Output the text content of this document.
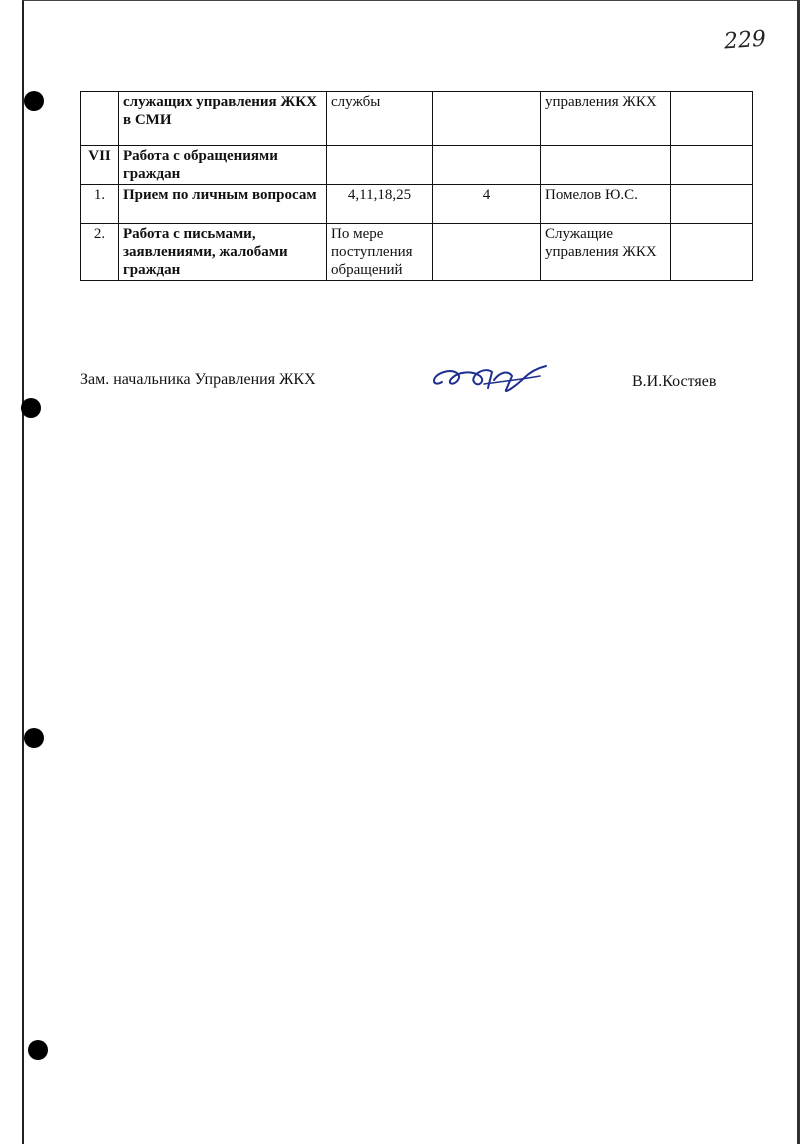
229
	служащих управления ЖКХ в СМИ	службы		управления ЖКХ	
VII	Работа с обращениями граждан				
1.	Прием по личным вопросам	4,11,18,25	4	Помелов Ю.С.	
2.	Работа с письмами, заявлениями, жалобами граждан	По мере поступления обращений		Служащие управления ЖКХ	
Зам. начальника Управления ЖКХ	В.И.Костяев
